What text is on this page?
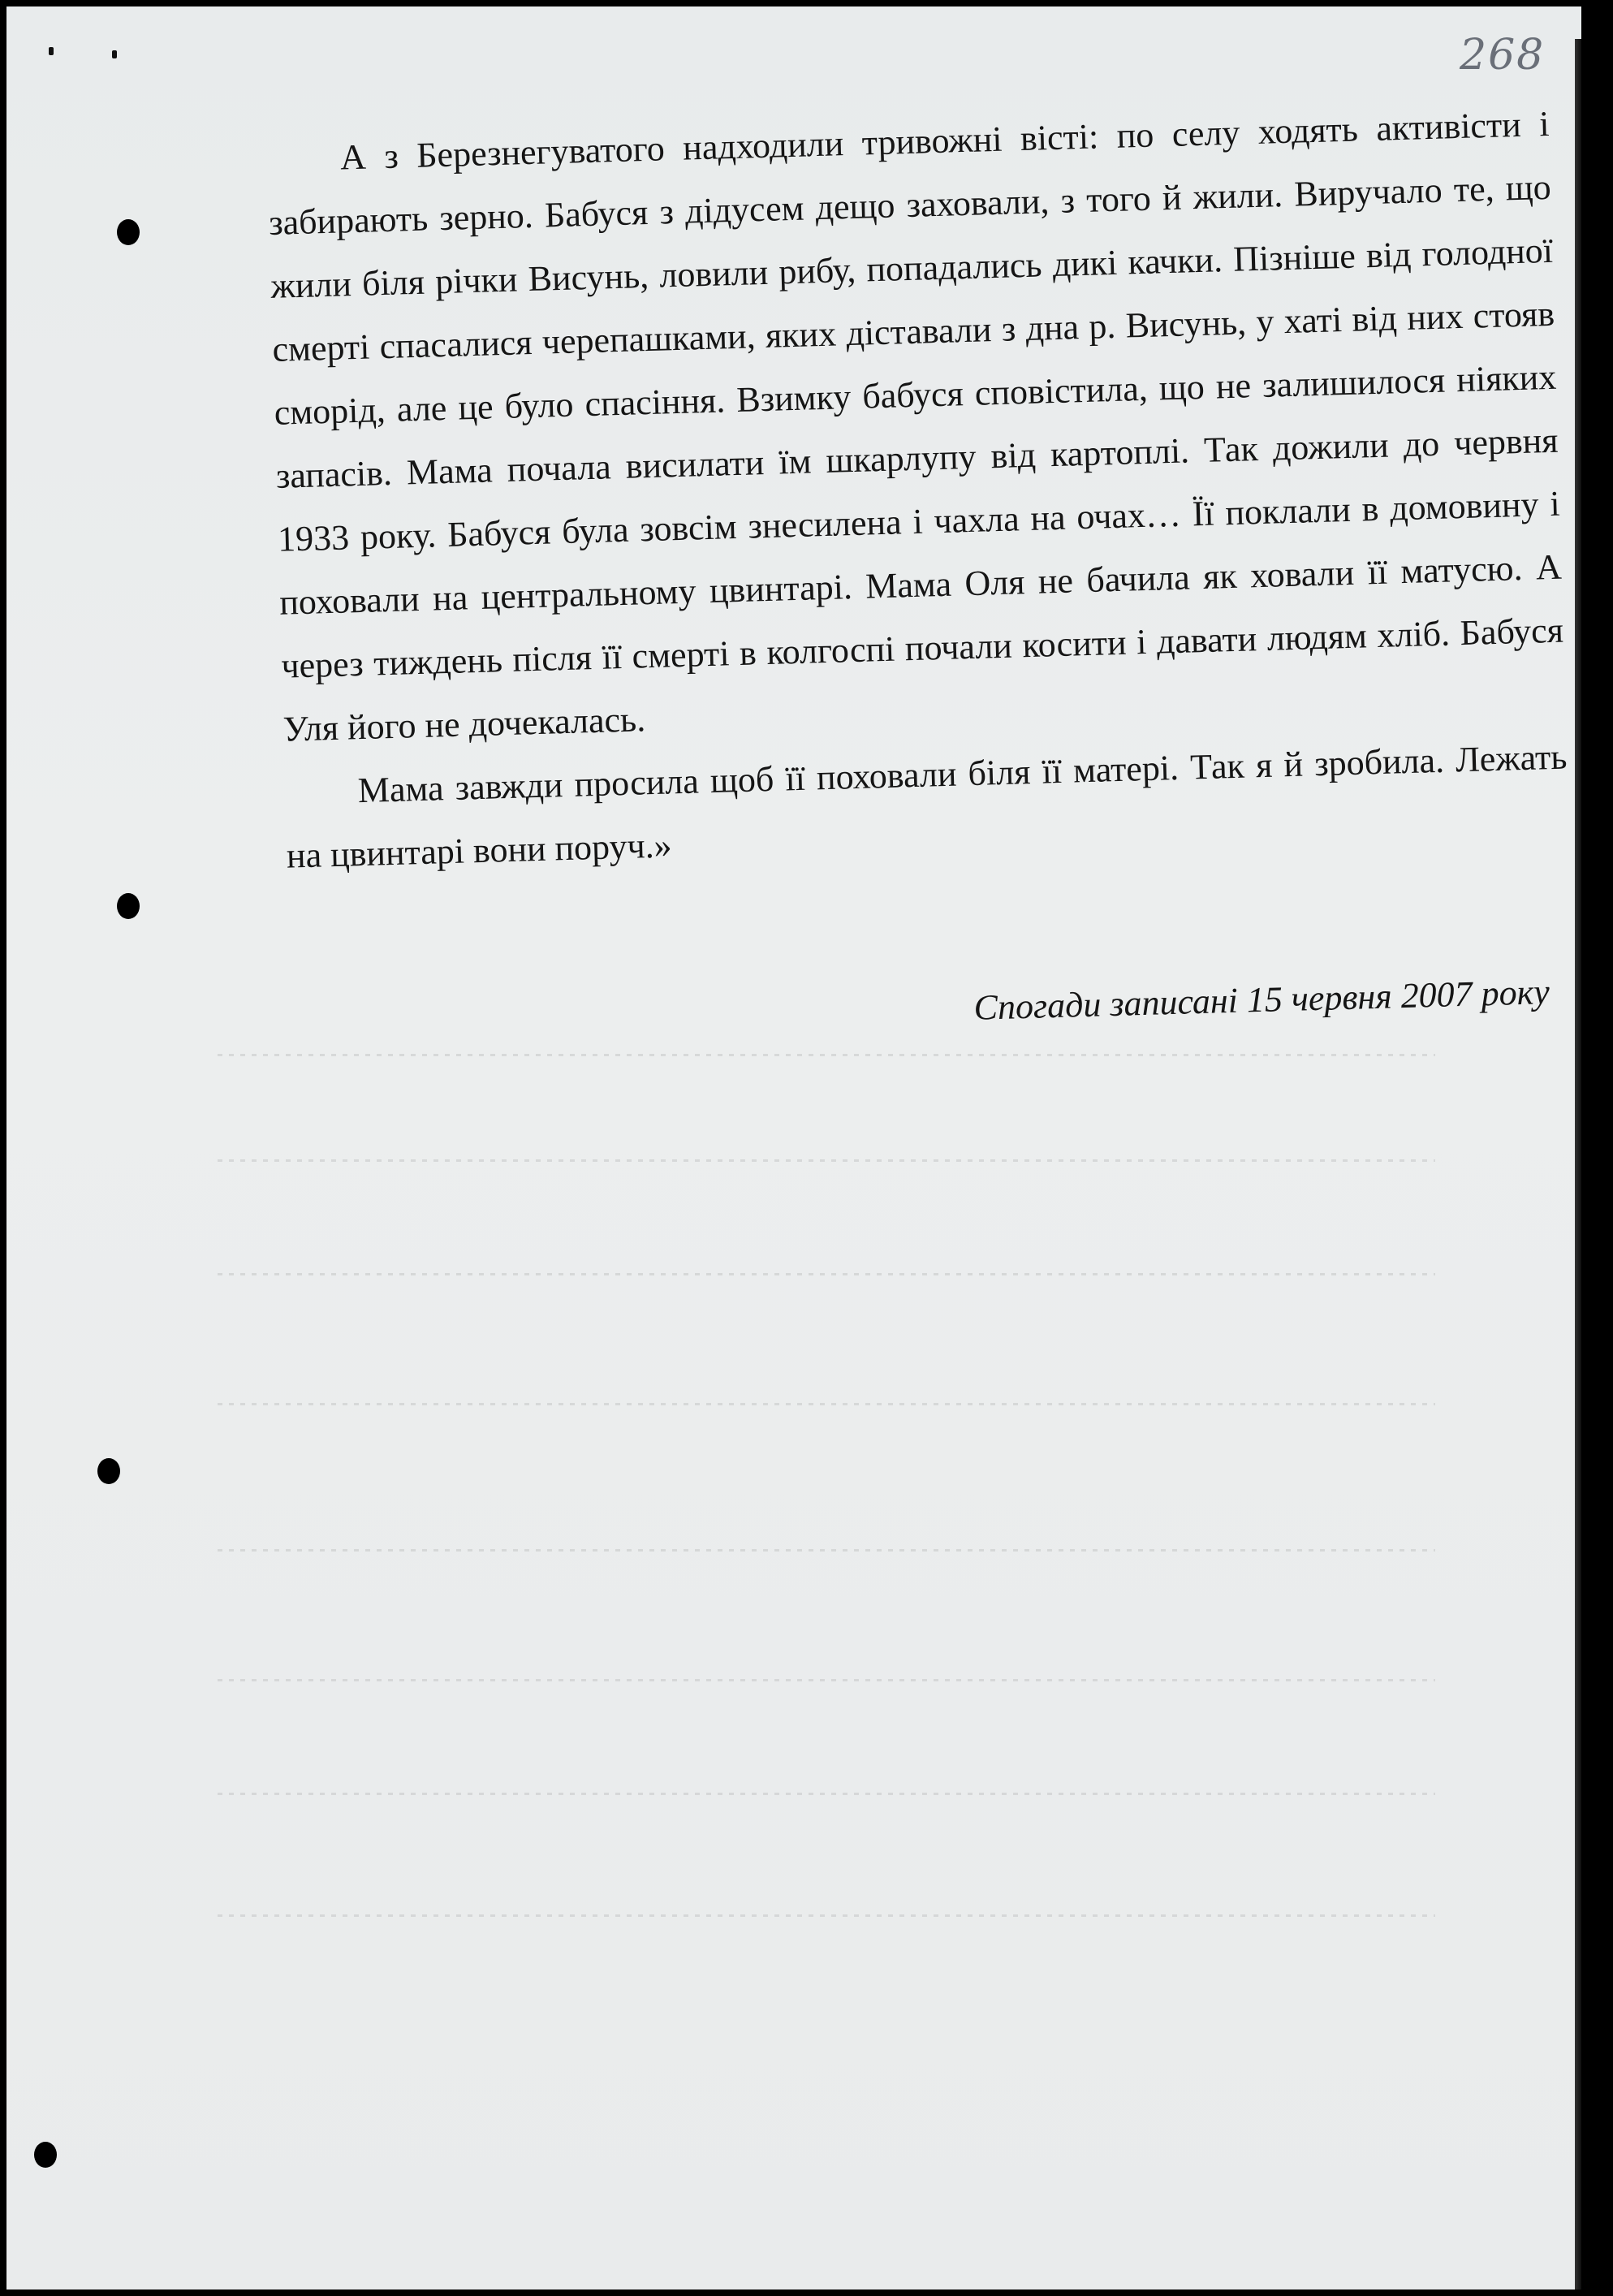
268

А з Березнегуватого надходили тривожні вісті: по селу ходять активісти і забирають зерно. Бабуся з дідусем дещо заховали, з того й жили. Виручало те, що жили біля річки Висунь, ловили рибу, попадались дикі качки. Пізніше від голодної смерті спасалися черепашками, яких діставали з дна р. Висунь, у хаті від них стояв сморід, але це було спасіння. Взимку бабуся сповістила, що не залишилося ніяких запасів. Мама почала висилати їм шкарлупу від картоплі. Так дожили до червня 1933 року. Бабуся була зовсім знесилена і чахла на очах… Її поклали в домовину і поховали на центральному цвинтарі. Мама Оля не бачила як ховали її матусю. А через тиждень після її смерті в колгоспі почали косити і давати людям хліб. Бабуся Уля його не дочекалась.

Мама завжди просила щоб її поховали біля її матері. Так я й зробила. Лежать на цвинтарі вони поруч.»

Спогади записані 15 червня 2007 року
